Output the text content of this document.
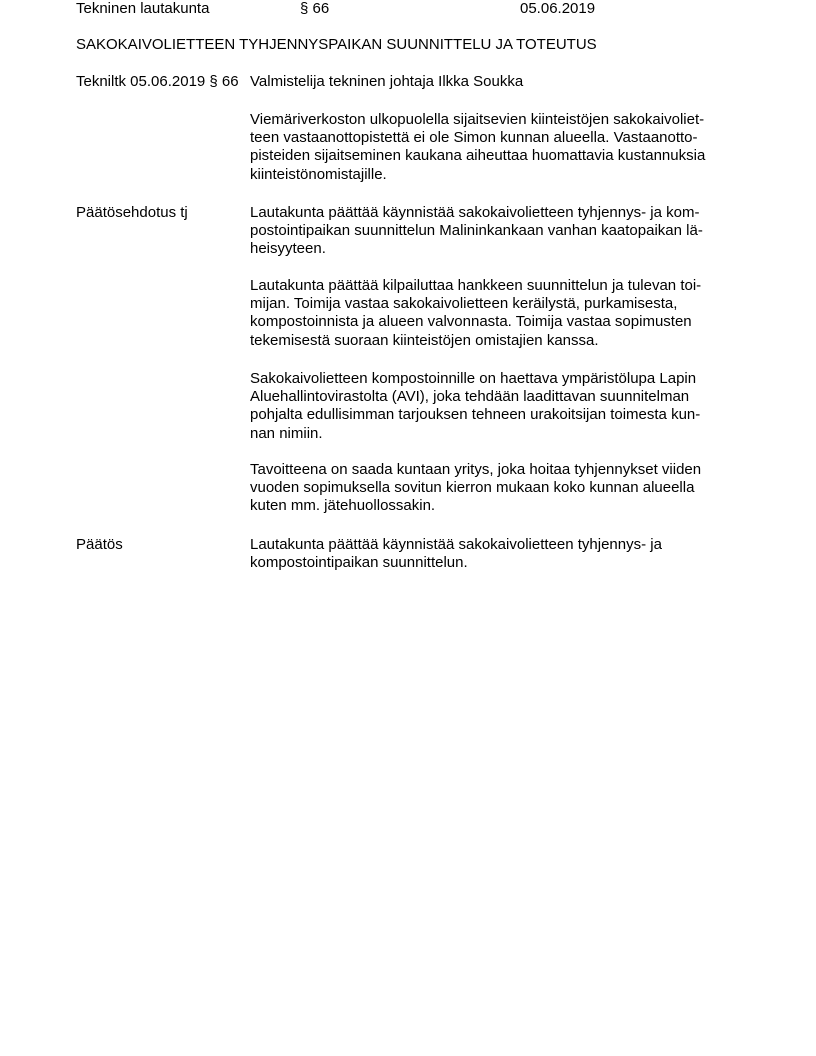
Tekninen lautakunta	§ 66	05.06.2019
SAKOKAIVOLIETTEEN TYHJENNYSPAIKAN SUUNNITTELU JA TOTEUTUS
Tekniltk 05.06.2019 § 66 Valmistelija tekninen johtaja Ilkka Soukka

Viemäriverkoston ulkopuolella sijaitsevien kiinteistöjen sakokaivoliet-

teen vastaanottopistettä ei ole Simon kunnan alueella. Vastaanotto-

pisteiden sijaitseminen kaukana aiheuttaa huomattavia kustannuksia

kiinteistönomistajille.

Päätösehdotus tj	Lautakunta päättää käynnistää sakokaivolietteen tyhjennys- ja kom-

postointipaikan suunnittelun Malininkankaan vanhan kaatopaikan lä-

heisyyteen.

Lautakunta päättää kilpailuttaa hankkeen suunnittelun ja tulevan toi-

mijan. Toimija vastaa sakokaivolietteen keräilystä, purkamisesta,

kompostoinnista ja alueen valvonnasta. Toimija vastaa sopimusten

tekemisestä suoraan kiinteistöjen omistajien kanssa.

Sakokaivolietteen kompostoinnille on haettava ympäristölupa Lapin

Aluehallintovirastolta (AVI), joka tehdään laadittavan suunnitelman

pohjalta edullisimman tarjouksen tehneen urakoitsijan toimesta kun-

nan nimiin.

Tavoitteena on saada kuntaan yritys, joka hoitaa tyhjennykset viiden

vuoden sopimuksella sovitun kierron mukaan koko kunnan alueella

kuten mm. jätehuollossakin.

Päätös	Lautakunta päättää käynnistää sakokaivolietteen tyhjennys- ja

kompostointipaikan suunnittelun.
